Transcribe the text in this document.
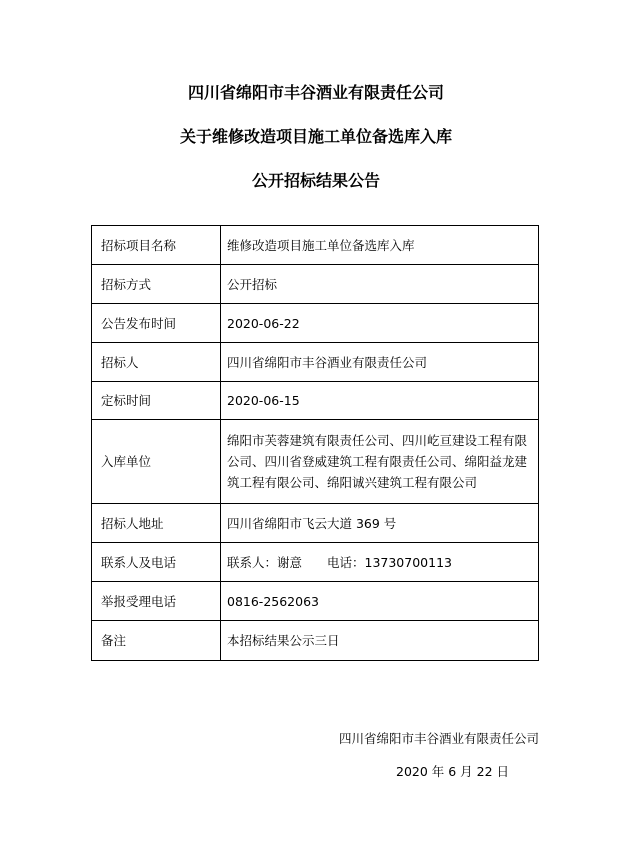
四川省绵阳市丰谷酒业有限责任公司
关于维修改造项目施工单位备选库入库
公开招标结果公告
招标项目名称	维修改造项目施工单位备选库入库
招标方式	公开招标
公告发布时间	2020-06-22
招标人	四川省绵阳市丰谷酒业有限责任公司
定标时间	2020-06-15
入库单位	绵阳市芙蓉建筑有限责任公司、四川屹亘建设工程有限公司、四川省登威建筑工程有限责任公司、绵阳益龙建筑工程有限公司、绵阳诚兴建筑工程有限公司
招标人地址	四川省绵阳市飞云大道 369 号
联系人及电话	联系人：谢意　　电话：13730700113
举报受理电话	0816-2562063
备注	本招标结果公示三日
四川省绵阳市丰谷酒业有限责任公司
2020 年 6 月 22 日
